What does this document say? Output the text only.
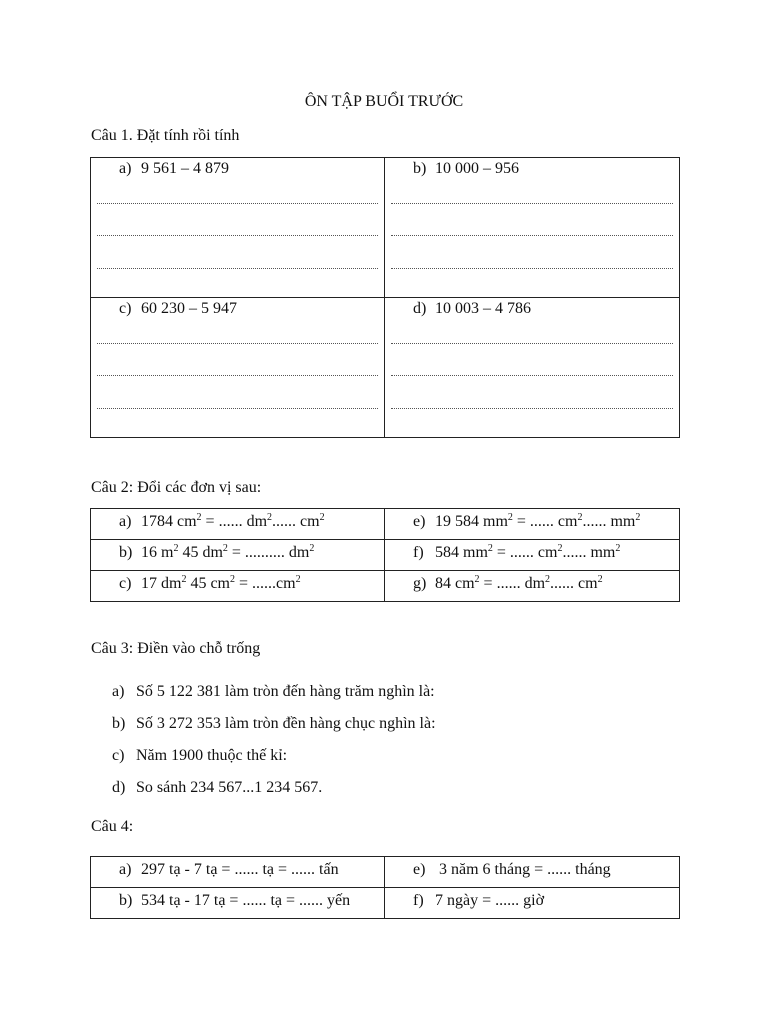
ÔN TẬP BUỔI TRƯỚC
Câu 1. Đặt tính rồi tính
a) 9 561 – 4 879	b) 10 000 – 956

c) 60 230 – 5 947	d) 10 003 – 4 786
Câu 2: Đổi các đơn vị sau:
a) 1784 $cm^2$ = ...... $dm^2$...... $cm^2$	e) 19 584 $mm^2$ = ...... $cm^2$...... $mm^2$

b) 16 $m^2$ 45 $dm^2$ = .......... $dm^2$	f) 584 $mm^2$ = ...... $cm^2$...... $mm^2$

c) 17 $dm^2$ 45 $cm^2 = ......cm^2$	g) 84 $cm^2$ = ...... $dm^2$...... $cm^2$
Câu 3: Điền vào chỗ trống
a) Số 5 122 381 làm tròn đến hàng trăm nghìn là:
b) Số 3 272 353 làm tròn đền hàng chục nghìn là:
c) Năm 1900 thuộc thế kỉ:
d) So sánh 234 567...1 234 567.
Câu 4:
a) 297 tạ - 7 tạ = ...... tạ = ...... tấn	e) 3 năm 6 tháng = ...... tháng

b) 534 tạ - 17 tạ = ...... tạ = ...... yến	f) 7 ngày = ...... giờ
